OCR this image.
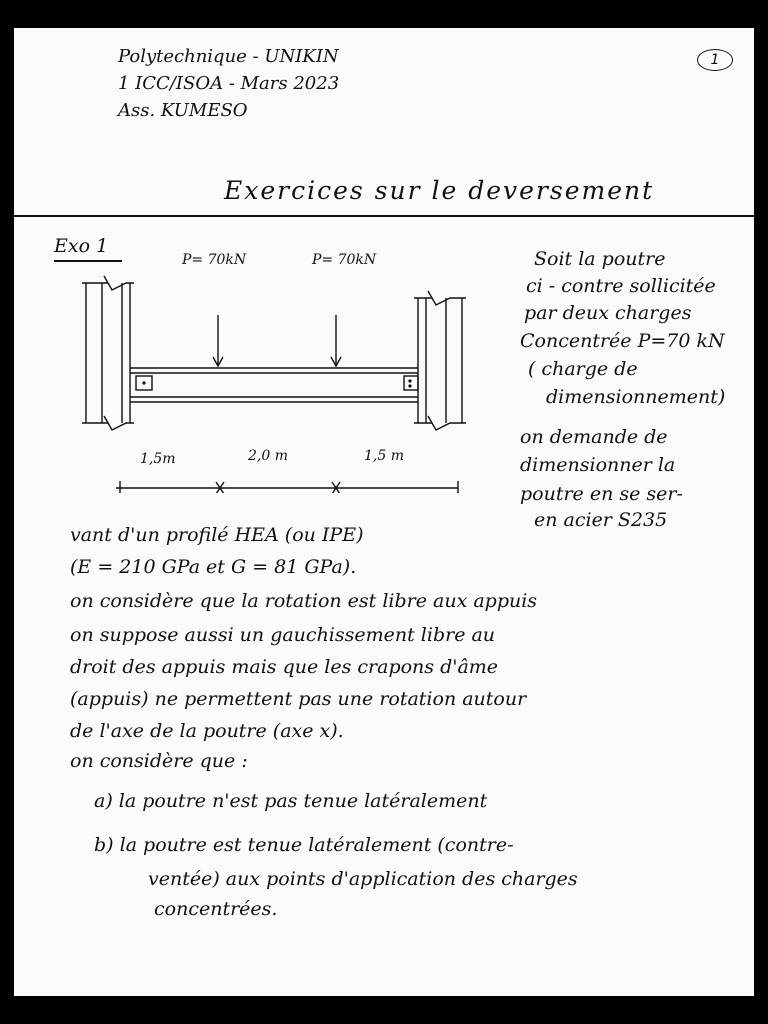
Polytechnique - UNIKIN

1 ICC/ISOA - Mars 2023

Ass. KUMESO

1

Exercices sur le deversement

Exo 1

P= 70kN	P= 70kN

1,5m	2,0 m	1,5 m

Soit la poutre

ci - contre sollicitée

par deux charges

Concentrée P=70 kN

( charge de

dimensionnement)

on demande de

dimensionner la

poutre en se ser-

en acier S235

vant d'un profilé HEA (ou IPE)

(E = 210 GPa et G = 81 GPa).

on considère que la rotation est libre aux appuis

on suppose aussi un gauchissement libre au

droit des appuis mais que les crapons d'âme

(appuis) ne permettent pas une rotation autour

de l'axe de la poutre (axe x).

on considère que :

a) la poutre n'est pas tenue latéralement

b) la poutre est tenue latéralement (contre-

ventée) aux points d'application des charges

concentrées.
